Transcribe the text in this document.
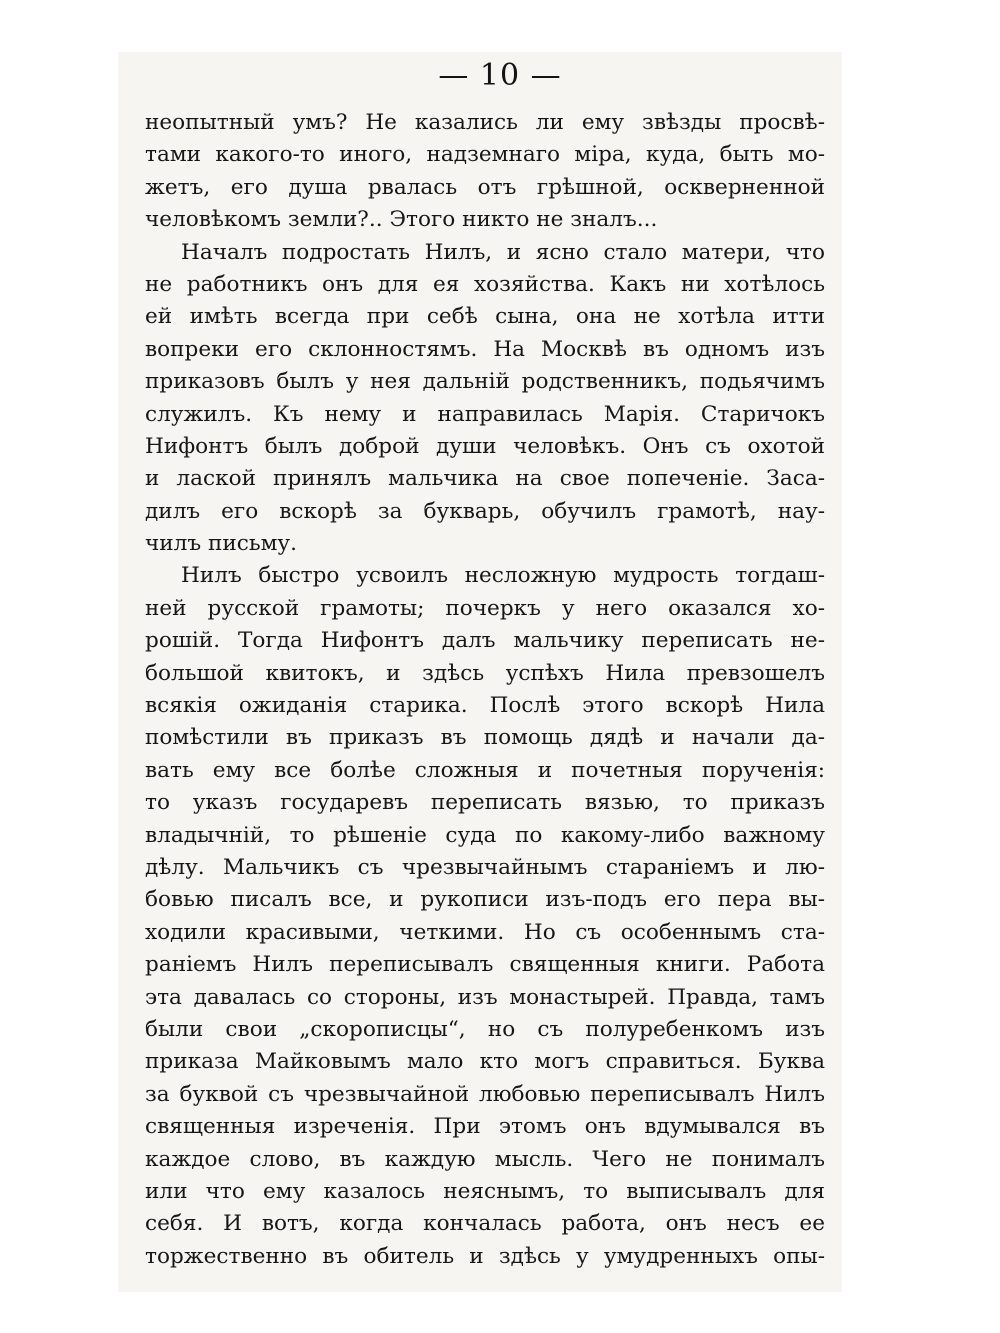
— 10 —
неопытный умъ? Не казались ли ему звѣзды просвѣ-
тами какого-то иного, надземнаго міра, куда, быть мо-
жетъ, его душа рвалась отъ грѣшной, оскверненной
человѣкомъ земли?.. Этого никто не зналъ...
Началъ подростать Нилъ, и ясно стало матери, что
не работникъ онъ для ея хозяйства. Какъ ни хотѣлось
ей имѣть всегда при себѣ сына, она не хотѣла итти
вопреки его склонностямъ. На Москвѣ въ одномъ изъ
приказовъ былъ у нея дальній родственникъ, подьячимъ
служилъ. Къ нему и направилась Марія. Старичокъ
Нифонтъ былъ доброй души человѣкъ. Онъ съ охотой
и лаской принялъ мальчика на свое попеченіе. Заса-
дилъ его вскорѣ за букварь, обучилъ грамотѣ, нау-
чилъ письму.
Нилъ быстро усвоилъ несложную мудрость тогдаш-
ней русской грамоты; почеркъ у него оказался хо-
рошій. Тогда Нифонтъ далъ мальчику переписать не-
большой квитокъ, и здѣсь успѣхъ Нила превзошелъ
всякія ожиданія старика. Послѣ этого вскорѣ Нила
помѣстили въ приказъ въ помощь дядѣ и начали да-
вать ему все болѣе сложныя и почетныя порученія:
то указъ государевъ переписать вязью, то приказъ
владычній, то рѣшеніе суда по какому-либо важному
дѣлу. Мальчикъ съ чрезвычайнымъ стараніемъ и лю-
бовью писалъ все, и рукописи изъ-подъ его пера вы-
ходили красивыми, четкими. Но съ особеннымъ ста-
раніемъ Нилъ переписывалъ священныя книги. Работа
эта давалась со стороны, изъ монастырей. Правда, тамъ
были свои „скорописцы“, но съ полуребенкомъ изъ
приказа Майковымъ мало кто могъ справиться. Буква
за буквой съ чрезвычайной любовью переписывалъ Нилъ
священныя изреченія. При этомъ онъ вдумывался въ
каждое слово, въ каждую мысль. Чего не понималъ
или что ему казалось неяснымъ, то выписывалъ для
себя. И вотъ, когда кончалась работа, онъ несъ ее
торжественно въ обитель и здѣсь у умудренныхъ опы-
